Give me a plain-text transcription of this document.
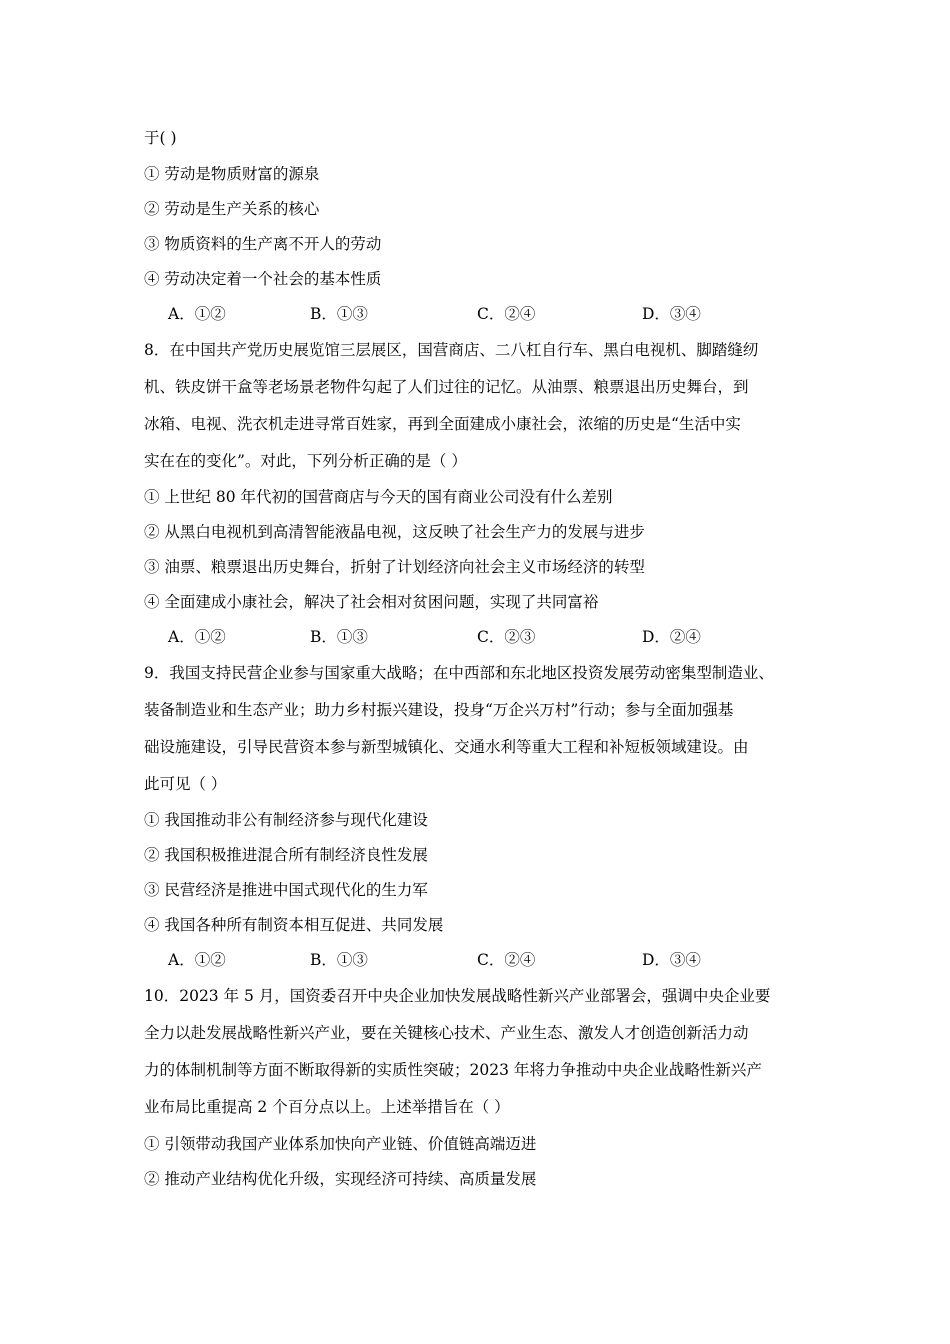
于( )
① 劳动是物质财富的源泉
② 劳动是生产关系的核心
③ 物质资料的生产离不开人的劳动
④ 劳动决定着一个社会的基本性质
A．①②	B．①③	C．②④	D．③④
8．在中国共产党历史展览馆三层展区，国营商店、二八杠自行车、黑白电视机、脚踏缝纫
机、铁皮饼干盒等老场景老物件勾起了人们过往的记忆。从油票、粮票退出历史舞台，到
冰箱、电视、洗衣机走进寻常百姓家，再到全面建成小康社会，浓缩的历史是“生活中实
实在在的变化”。对此，下列分析正确的是（ ）
① 上世纪 80 年代初的国营商店与今天的国有商业公司没有什么差别
② 从黑白电视机到高清智能液晶电视，这反映了社会生产力的发展与进步
③ 油票、粮票退出历史舞台，折射了计划经济向社会主义市场经济的转型
④ 全面建成小康社会，解决了社会相对贫困问题，实现了共同富裕
A．①②	B．①③	C．②③	D．②④
9．我国支持民营企业参与国家重大战略；在中西部和东北地区投资发展劳动密集型制造业、
装备制造业和生态产业；助力乡村振兴建设，投身“万企兴万村”行动；参与全面加强基
础设施建设，引导民营资本参与新型城镇化、交通水利等重大工程和补短板领域建设。由
此可见（ ）
① 我国推动非公有制经济参与现代化建设
② 我国积极推进混合所有制经济良性发展
③ 民营经济是推进中国式现代化的生力军
④ 我国各种所有制资本相互促进、共同发展
A．①②	B．①③	C．②④	D．③④
10．2023 年 5 月，国资委召开中央企业加快发展战略性新兴产业部署会，强调中央企业要
全力以赴发展战略性新兴产业，要在关键核心技术、产业生态、激发人才创造创新活力动
力的体制机制等方面不断取得新的实质性突破；2023 年将力争推动中央企业战略性新兴产
业布局比重提高 2 个百分点以上。上述举措旨在（ ）
① 引领带动我国产业体系加快向产业链、价值链高端迈进
② 推动产业结构优化升级，实现经济可持续、高质量发展
